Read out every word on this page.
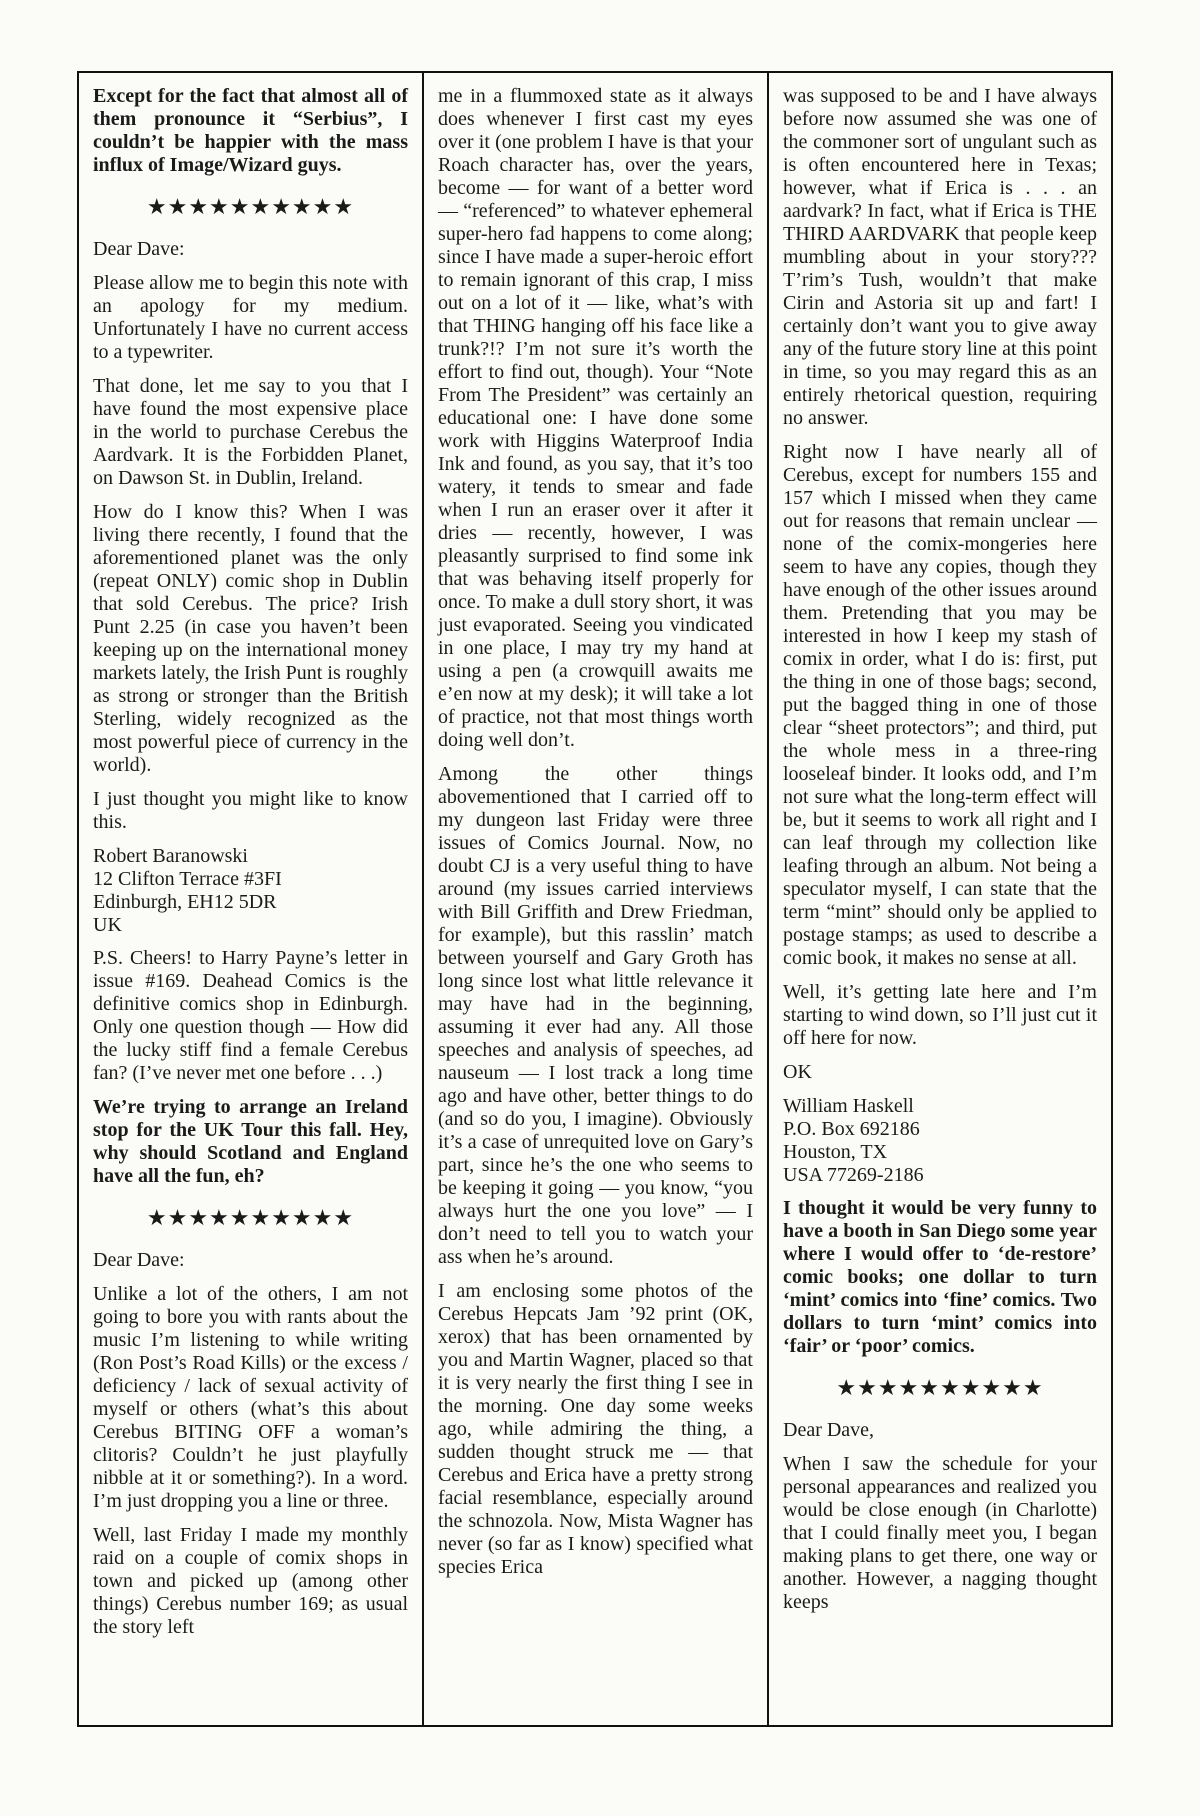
Except for the fact that almost all of them pronounce it “Serbius”, I couldn’t be happier with the mass influx of Image/Wizard guys.

★★★★★★★★★★

Dear Dave:

Please allow me to begin this note with an apology for my medium. Unfortunately I have no current access to a typewriter.

That done, let me say to you that I have found the most expensive place in the world to purchase Cerebus the Aardvark. It is the Forbidden Planet, on Dawson St. in Dublin, Ireland.

How do I know this? When I was living there recently, I found that the aforementioned planet was the only (repeat ONLY) comic shop in Dublin that sold Cerebus. The price? Irish Punt 2.25 (in case you haven’t been keeping up on the international money markets lately, the Irish Punt is roughly as strong or stronger than the British Sterling, widely recognized as the most powerful piece of currency in the world).

I just thought you might like to know this.

Robert Baranowski
12 Clifton Terrace #3FI
Edinburgh, EH12 5DR
UK

P.S. Cheers! to Harry Payne’s letter in issue #169. Deahead Comics is the definitive comics shop in Edinburgh. Only one question though — How did the lucky stiff find a female Cerebus fan? (I’ve never met one before . . .)

We’re trying to arrange an Ireland stop for the UK Tour this fall. Hey, why should Scotland and England have all the fun, eh?

★★★★★★★★★★

Dear Dave:

Unlike a lot of the others, I am not going to bore you with rants about the music I’m listening to while writing (Ron Post’s Road Kills) or the excess / deficiency / lack of sexual activity of myself or others (what’s this about Cerebus BITING OFF a woman’s clitoris? Couldn’t he just playfully nibble at it or something?). In a word. I’m just dropping you a line or three.

Well, last Friday I made my monthly raid on a couple of comix shops in town and picked up (among other things) Cerebus number 169; as usual the story left

me in a flummoxed state as it always does whenever I first cast my eyes over it (one problem I have is that your Roach character has, over the years, become — for want of a better word — “referenced” to whatever ephemeral super-hero fad happens to come along; since I have made a super-heroic effort to remain ignorant of this crap, I miss out on a lot of it — like, what’s with that THING hanging off his face like a trunk?!? I’m not sure it’s worth the effort to find out, though). Your “Note From The President” was certainly an educational one: I have done some work with Higgins Waterproof India Ink and found, as you say, that it’s too watery, it tends to smear and fade when I run an eraser over it after it dries — recently, however, I was pleasantly surprised to find some ink that was behaving itself properly for once. To make a dull story short, it was just evaporated. Seeing you vindicated in one place, I may try my hand at using a pen (a crowquill awaits me e’en now at my desk); it will take a lot of practice, not that most things worth doing well don’t.

Among the other things abovementioned that I carried off to my dungeon last Friday were three issues of Comics Journal. Now, no doubt CJ is a very useful thing to have around (my issues carried interviews with Bill Griffith and Drew Friedman, for example), but this rasslin’ match between yourself and Gary Groth has long since lost what little relevance it may have had in the beginning, assuming it ever had any. All those speeches and analysis of speeches, ad nauseum — I lost track a long time ago and have other, better things to do (and so do you, I imagine). Obviously it’s a case of unrequited love on Gary’s part, since he’s the one who seems to be keeping it going — you know, “you always hurt the one you love” — I don’t need to tell you to watch your ass when he’s around.

I am enclosing some photos of the Cerebus Hepcats Jam ’92 print (OK, xerox) that has been ornamented by you and Martin Wagner, placed so that it is very nearly the first thing I see in the morning. One day some weeks ago, while admiring the thing, a sudden thought struck me — that Cerebus and Erica have a pretty strong facial resemblance, especially around the schnozola. Now, Mista Wagner has never (so far as I know) specified what species Erica

was supposed to be and I have always before now assumed she was one of the commoner sort of ungulant such as is often encountered here in Texas; however, what if Erica is . . . an aardvark? In fact, what if Erica is THE THIRD AARDVARK that people keep mumbling about in your story??? T’rim’s Tush, wouldn’t that make Cirin and Astoria sit up and fart! I certainly don’t want you to give away any of the future story line at this point in time, so you may regard this as an entirely rhetorical question, requiring no answer.

Right now I have nearly all of Cerebus, except for numbers 155 and 157 which I missed when they came out for reasons that remain unclear — none of the comix-mongeries here seem to have any copies, though they have enough of the other issues around them. Pretending that you may be interested in how I keep my stash of comix in order, what I do is: first, put the thing in one of those bags; second, put the bagged thing in one of those clear “sheet protectors”; and third, put the whole mess in a three-ring looseleaf binder. It looks odd, and I’m not sure what the long-term effect will be, but it seems to work all right and I can leaf through my collection like leafing through an album. Not being a speculator myself, I can state that the term “mint” should only be applied to postage stamps; as used to describe a comic book, it makes no sense at all.

Well, it’s getting late here and I’m starting to wind down, so I’ll just cut it off here for now.

OK

William Haskell
P.O. Box 692186
Houston, TX
USA 77269-2186

I thought it would be very funny to have a booth in San Diego some year where I would offer to ‘de-restore’ comic books; one dollar to turn ‘mint’ comics into ‘fine’ comics. Two dollars to turn ‘mint’ comics into ‘fair’ or ‘poor’ comics.

★★★★★★★★★★

Dear Dave,

When I saw the schedule for your personal appearances and realized you would be close enough (in Charlotte) that I could finally meet you, I began making plans to get there, one way or another. However, a nagging thought keeps
